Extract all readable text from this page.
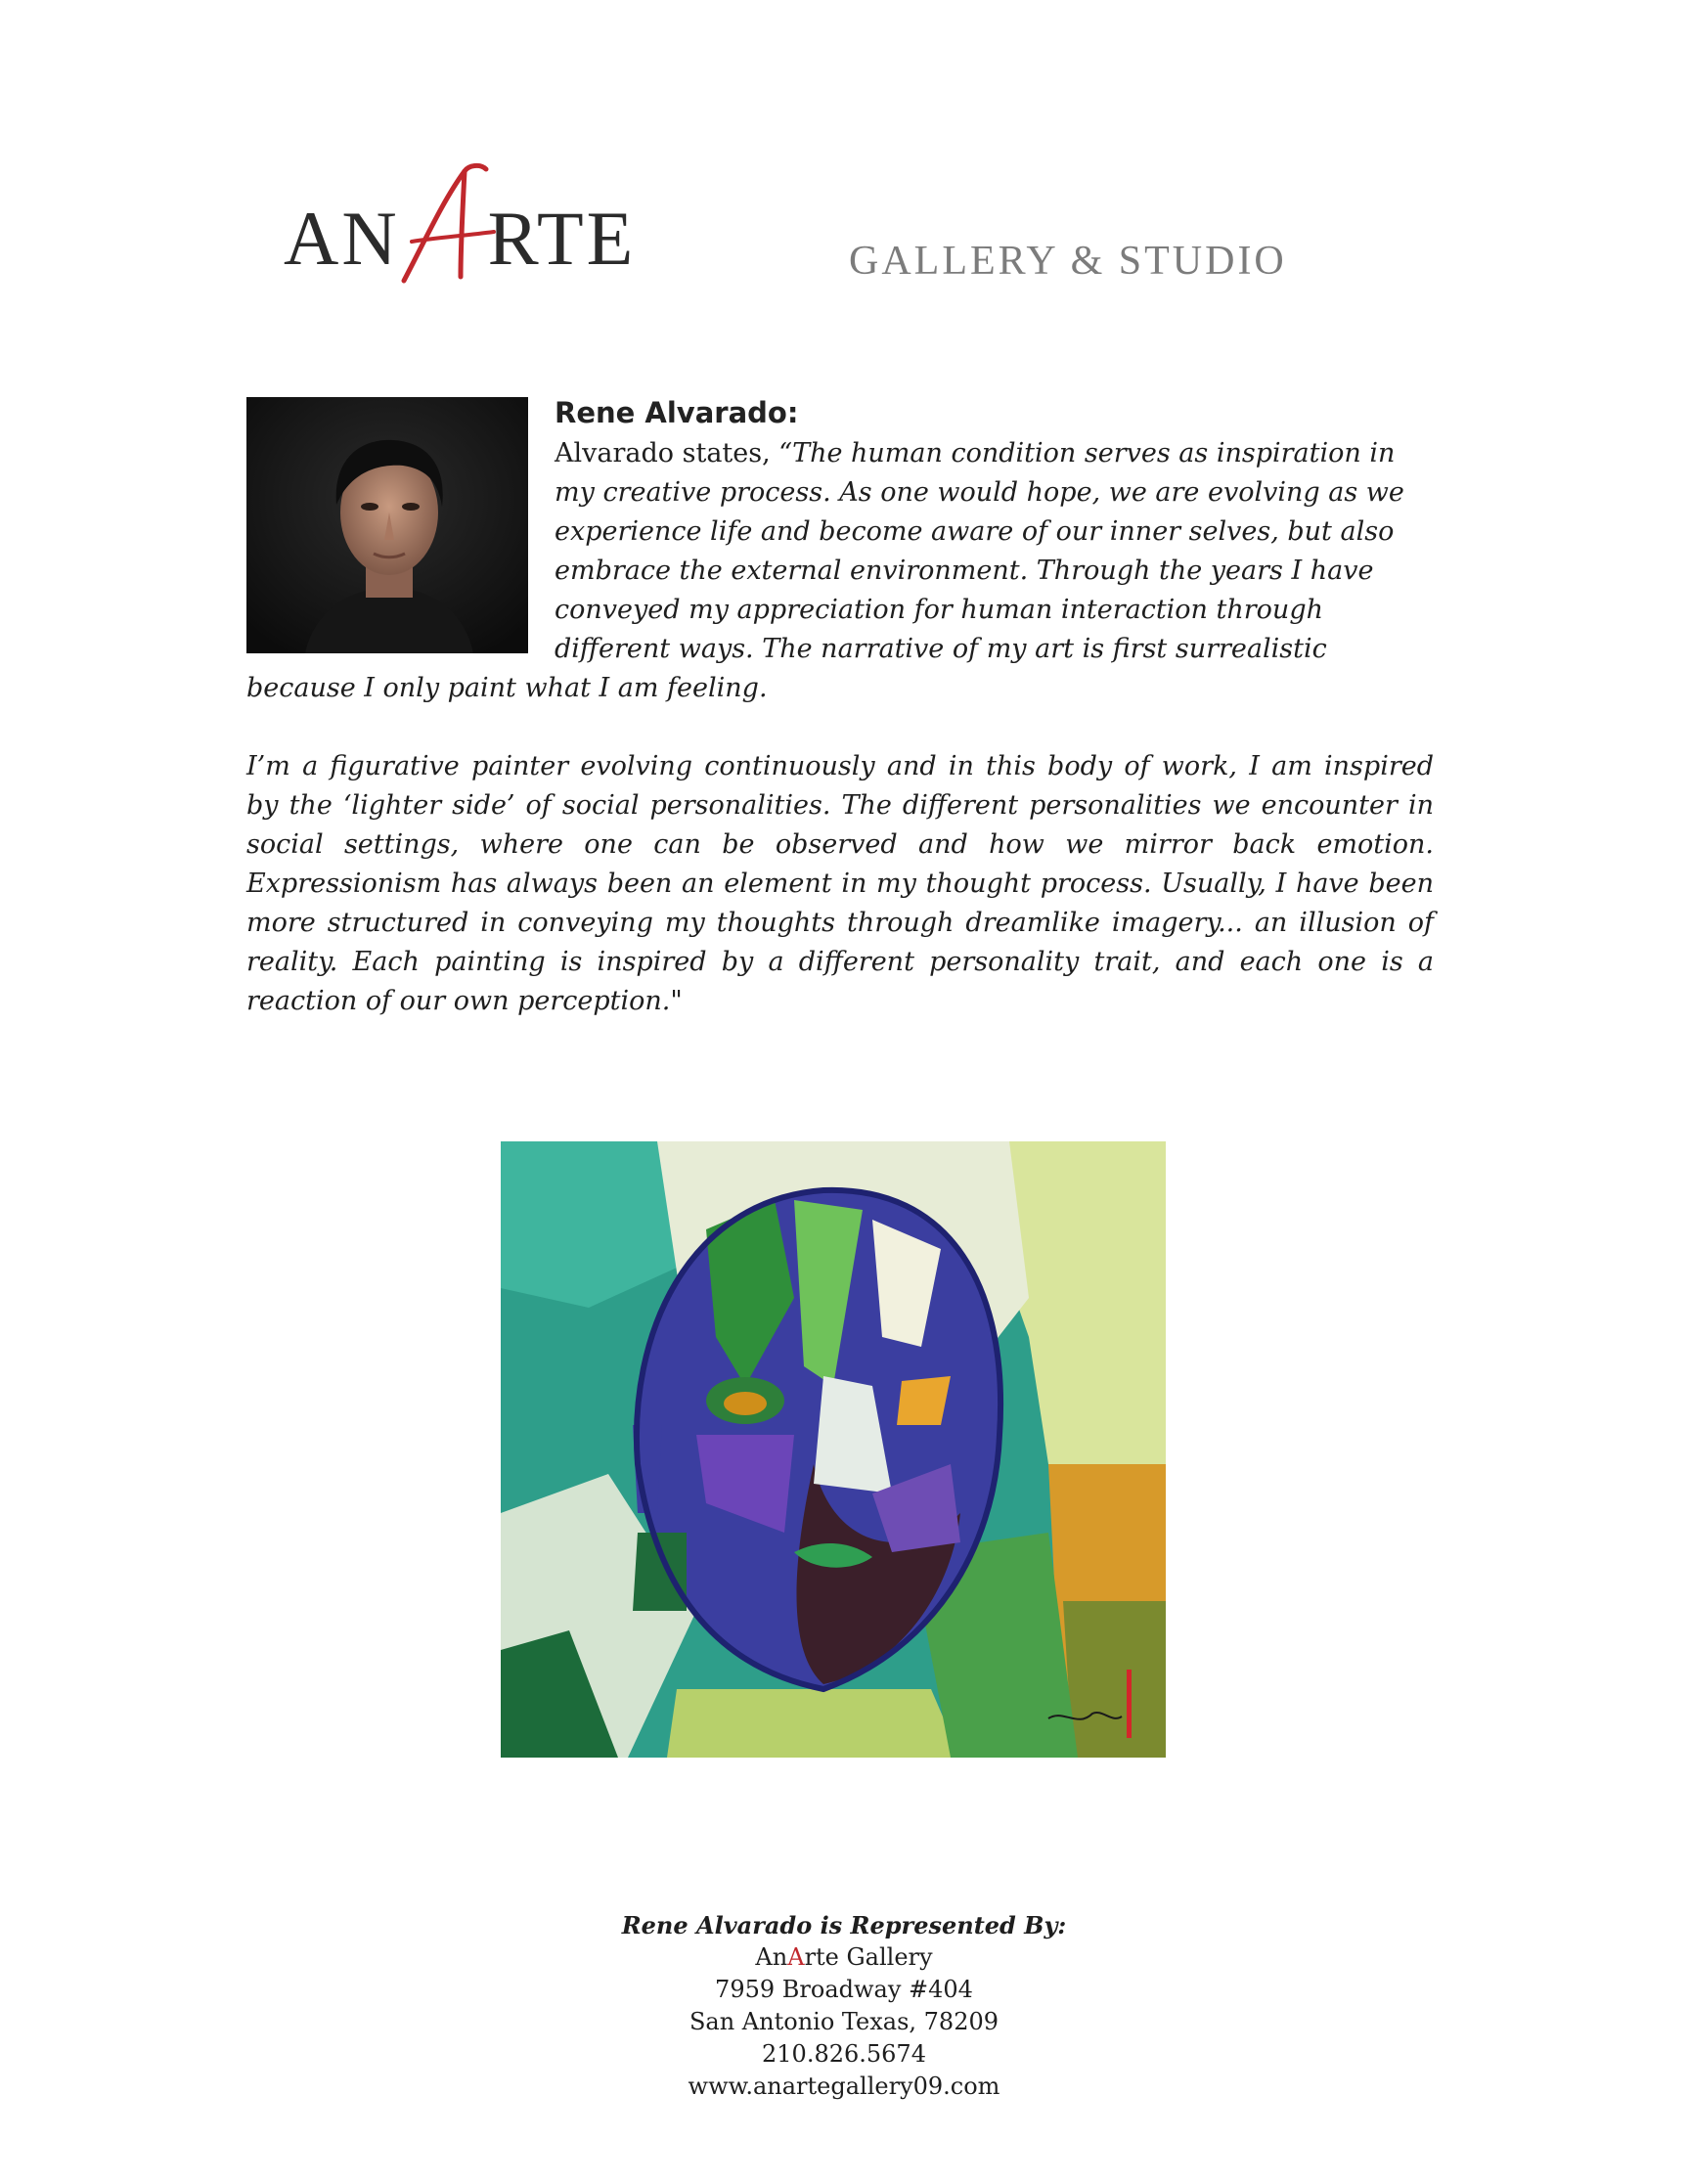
AN RTE	GALLERY & STUDIO
Rene Alvarado:
Alvarado states, “The human condition serves as inspiration in
my creative process. As one would hope, we are evolving as we
experience life and become aware of our inner selves, but also
embrace the external environment. Through the years I have
conveyed my appreciation for human interaction through
different ways. The narrative of my art is first surrealistic
because I only paint what I am feeling.
I’m a figurative painter evolving continuously and in this body of work, I am inspired
by the ‘lighter side’ of social personalities. The different personalities we encounter in
social settings, where one can be observed and how we mirror back emotion.
Expressionism has always been an element in my thought process. Usually, I have been
more structured in conveying my thoughts through dreamlike imagery... an illusion of
reality. Each painting is inspired by a different personality trait, and each one is a
reaction of our own perception."
Rene Alvarado is Represented By:
AnArte Gallery
7959 Broadway #404
San Antonio Texas, 78209
210.826.5674
www.anartegallery09.com
